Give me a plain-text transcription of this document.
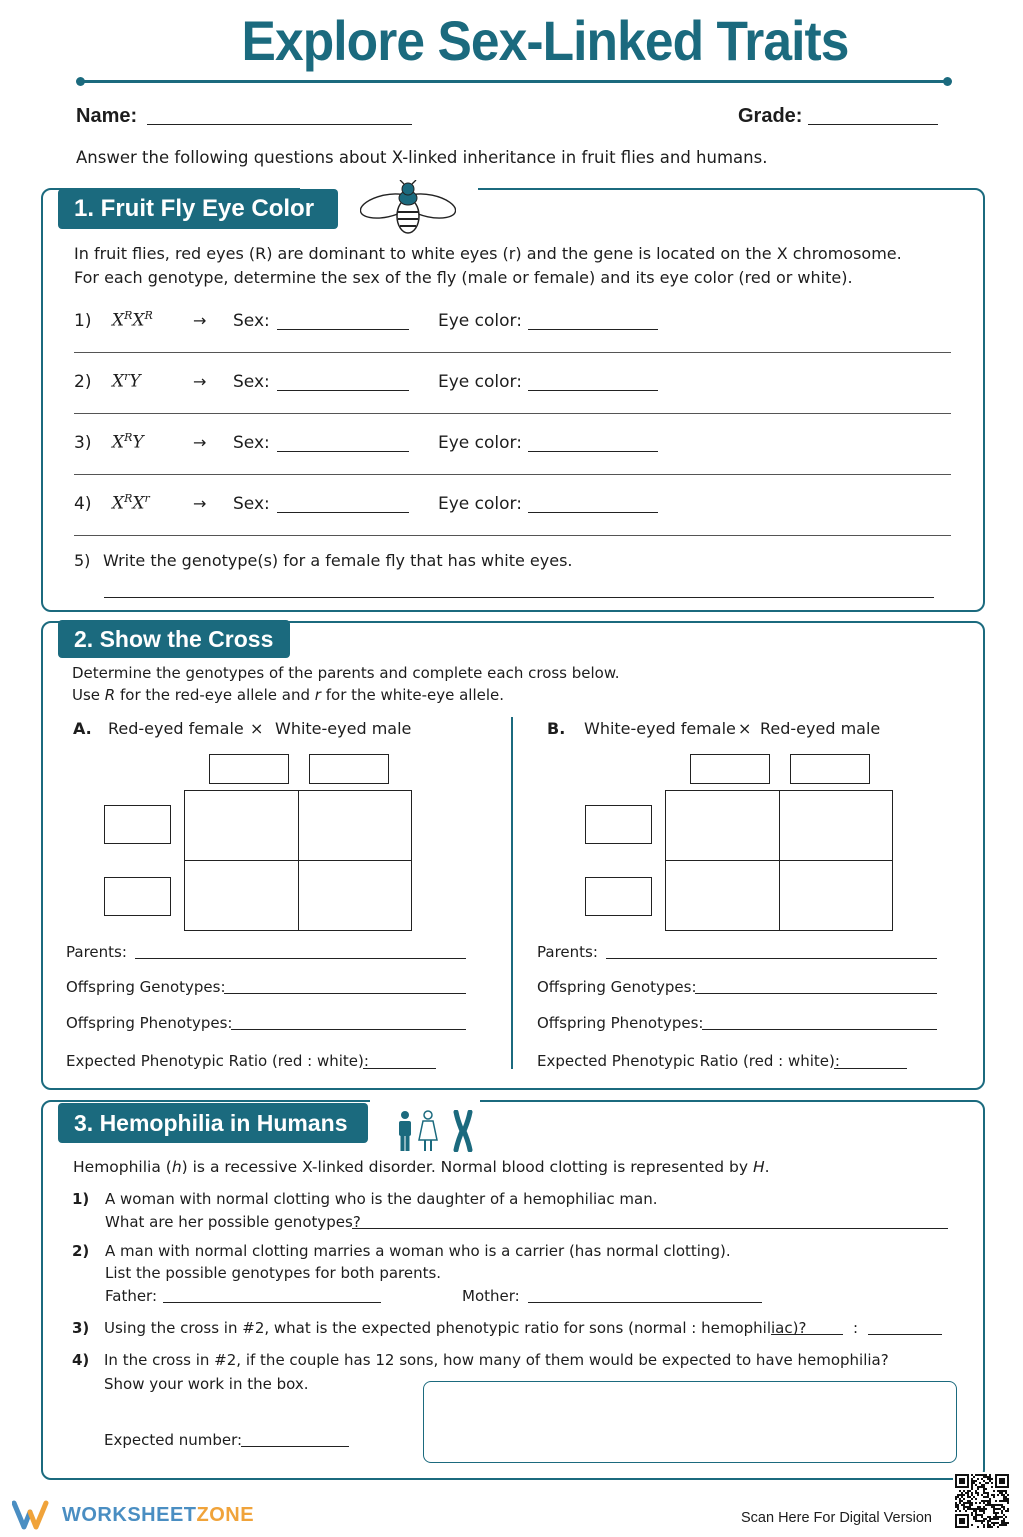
Explore Sex-Linked Traits
Name:	Grade:
Answer the following questions about X-linked inheritance in fruit flies and humans.
1. Fruit Fly Eye Color
In fruit flies, red eyes (R) are dominant to white eyes (r) and the gene is located on the X chromosome.
For each genotype, determine the sex of the fly (male or female) and its eye color (red or white).
1) $X^RX^R$	→ Sex:	Eye color:
2) $X^rY$	→ Sex:	Eye color:
3) $X^RY$	→ Sex:	Eye color:
4) $X^RX^r$	→ Sex:	Eye color:
5) Write the genotype(s) for a female fly that has white eyes.
2. Show the Cross
Determine the genotypes of the parents and complete each cross below.
Use R for the red-eye allele and r for the white-eye allele.
A. Red-eyed female × White-eyed male
Parents:
Offspring Genotypes:
Offspring Phenotypes:
Expected Phenotypic Ratio (red : white):
B. White-eyed female × Red-eyed male
Parents:
Offspring Genotypes:
Offspring Phenotypes:
Expected Phenotypic Ratio (red : white):
3. Hemophilia in Humans
Hemophilia (h) is a recessive X-linked disorder. Normal blood clotting is represented by H.
1) A woman with normal clotting who is the daughter of a hemophiliac man.
What are her possible genotypes?
2) A man with normal clotting marries a woman who is a carrier (has normal clotting).
List the possible genotypes for both parents.
Father:	Mother:
3) Using the cross in #2, what is the expected phenotypic ratio for sons (normal : hemophiliac)?	:
4) In the cross in #2, if the couple has 12 sons, how many of them would be expected to have hemophilia?
Show your work in the box.
Expected number:
WORKSHEETZONE	Scan Here For Digital Version
